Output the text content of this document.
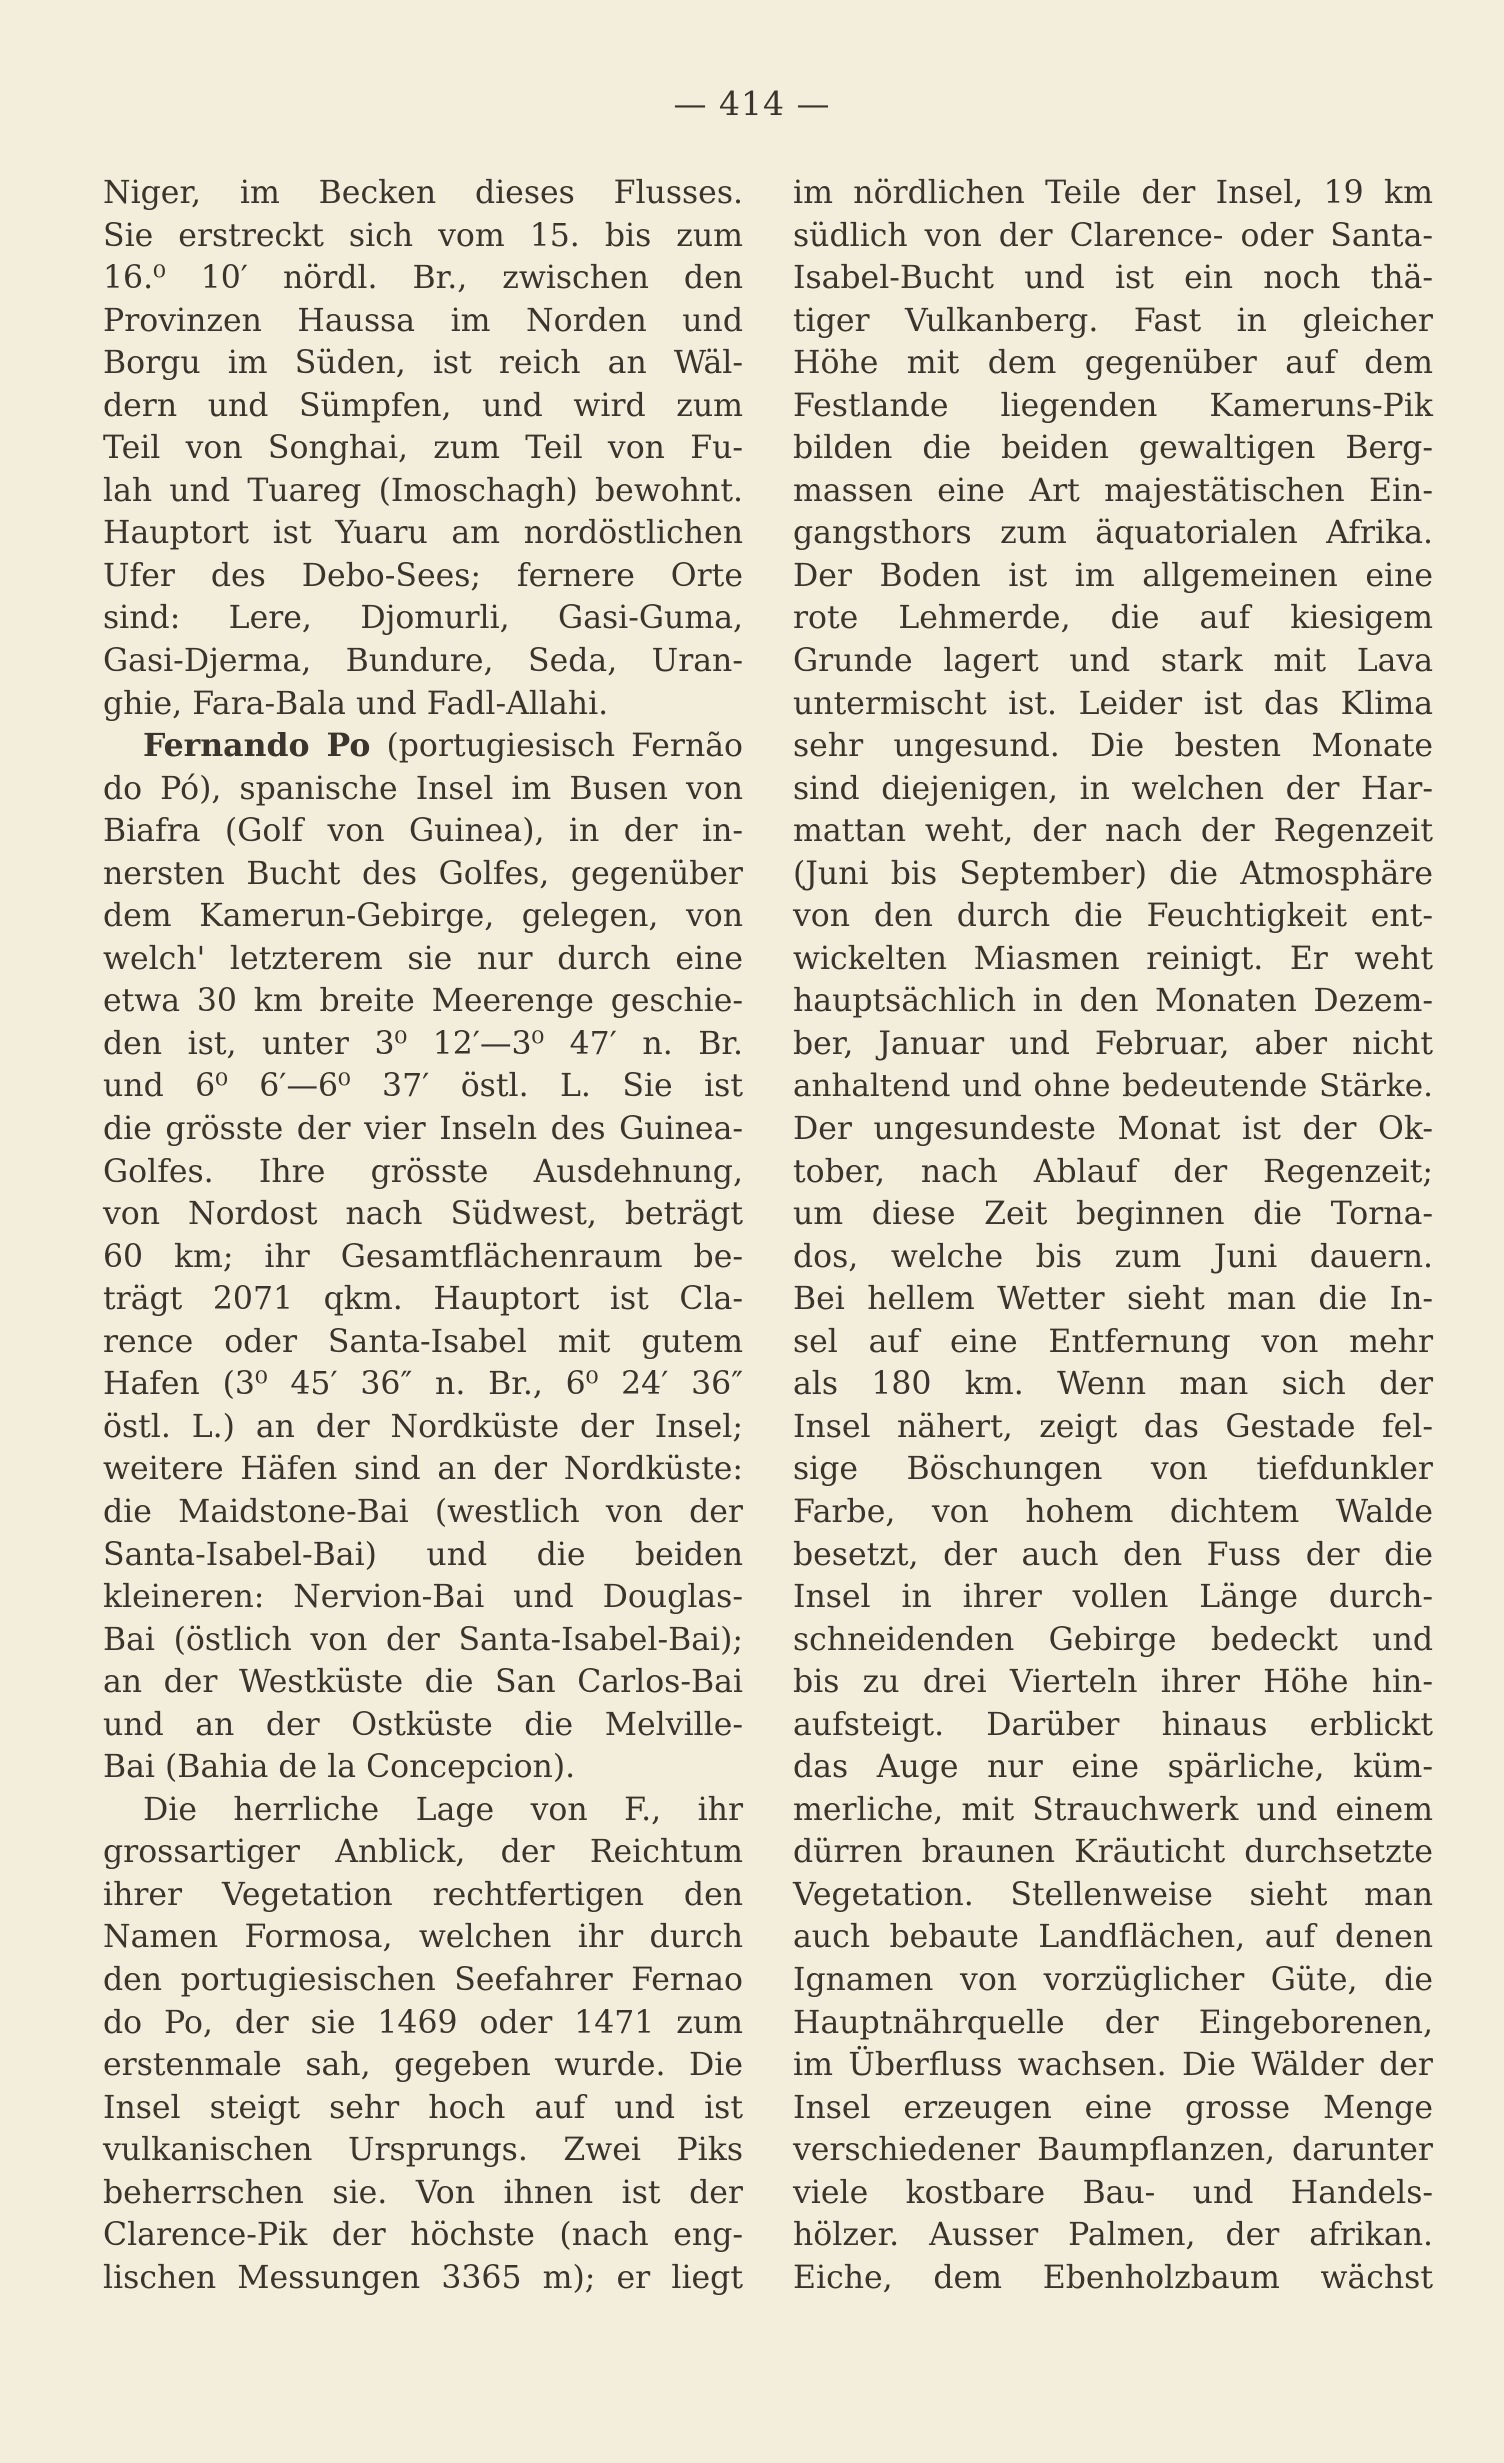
— 414 —
Niger, im Becken dieses Flusses.
Sie erstreckt sich vom 15. bis zum
16.⁰ 10′ nördl. Br., zwischen den
Provinzen Haussa im Norden und
Borgu im Süden, ist reich an Wäl-
dern und Sümpfen, und wird zum
Teil von Songhai, zum Teil von Fu-
lah und Tuareg (Imoschagh) bewohnt.
Hauptort ist Yuaru am nordöstlichen
Ufer des Debo-Sees; fernere Orte
sind: Lere, Djomurli, Gasi-Guma,
Gasi-Djerma, Bundure, Seda, Uran-
ghie, Fara-Bala und Fadl-Allahi.
Fernando Po (portugiesisch Fernão
do Pó), spanische Insel im Busen von
Biafra (Golf von Guinea), in der in-
nersten Bucht des Golfes, gegenüber
dem Kamerun-Gebirge, gelegen, von
welch' letzterem sie nur durch eine
etwa 30 km breite Meerenge geschie-
den ist, unter 3⁰ 12′—3⁰ 47′ n. Br.
und 6⁰ 6′—6⁰ 37′ östl. L. Sie ist
die grösste der vier Inseln des Guinea-
Golfes. Ihre grösste Ausdehnung,
von Nordost nach Südwest, beträgt
60 km; ihr Gesamtflächenraum be-
trägt 2071 qkm. Hauptort ist Cla-
rence oder Santa-Isabel mit gutem
Hafen (3⁰ 45′ 36″ n. Br., 6⁰ 24′ 36″
östl. L.) an der Nordküste der Insel;
weitere Häfen sind an der Nordküste:
die Maidstone-Bai (westlich von der
Santa-Isabel-Bai) und die beiden
kleineren: Nervion-Bai und Douglas-
Bai (östlich von der Santa-Isabel-Bai);
an der Westküste die San Carlos-Bai
und an der Ostküste die Melville-
Bai (Bahia de la Concepcion).
Die herrliche Lage von F., ihr
grossartiger Anblick, der Reichtum
ihrer Vegetation rechtfertigen den
Namen Formosa, welchen ihr durch
den portugiesischen Seefahrer Fernao
do Po, der sie 1469 oder 1471 zum
erstenmale sah, gegeben wurde. Die
Insel steigt sehr hoch auf und ist
vulkanischen Ursprungs. Zwei Piks
beherrschen sie. Von ihnen ist der
Clarence-Pik der höchste (nach eng-
lischen Messungen 3365 m); er liegt
im nördlichen Teile der Insel, 19 km
südlich von der Clarence- oder Santa-
Isabel-Bucht und ist ein noch thä-
tiger Vulkanberg. Fast in gleicher
Höhe mit dem gegenüber auf dem
Festlande liegenden Kameruns-Pik
bilden die beiden gewaltigen Berg-
massen eine Art majestätischen Ein-
gangsthors zum äquatorialen Afrika.
Der Boden ist im allgemeinen eine
rote Lehmerde, die auf kiesigem
Grunde lagert und stark mit Lava
untermischt ist. Leider ist das Klima
sehr ungesund. Die besten Monate
sind diejenigen, in welchen der Har-
mattan weht, der nach der Regenzeit
(Juni bis September) die Atmosphäre
von den durch die Feuchtigkeit ent-
wickelten Miasmen reinigt. Er weht
hauptsächlich in den Monaten Dezem-
ber, Januar und Februar, aber nicht
anhaltend und ohne bedeutende Stärke.
Der ungesundeste Monat ist der Ok-
tober, nach Ablauf der Regenzeit;
um diese Zeit beginnen die Torna-
dos, welche bis zum Juni dauern.
Bei hellem Wetter sieht man die In-
sel auf eine Entfernung von mehr
als 180 km. Wenn man sich der
Insel nähert, zeigt das Gestade fel-
sige Böschungen von tiefdunkler
Farbe, von hohem dichtem Walde
besetzt, der auch den Fuss der die
Insel in ihrer vollen Länge durch-
schneidenden Gebirge bedeckt und
bis zu drei Vierteln ihrer Höhe hin-
aufsteigt. Darüber hinaus erblickt
das Auge nur eine spärliche, küm-
merliche, mit Strauchwerk und einem
dürren braunen Kräuticht durchsetzte
Vegetation. Stellenweise sieht man
auch bebaute Landflächen, auf denen
Ignamen von vorzüglicher Güte, die
Hauptnährquelle der Eingeborenen,
im Überfluss wachsen. Die Wälder der
Insel erzeugen eine grosse Menge
verschiedener Baumpflanzen, darunter
viele kostbare Bau- und Handels-
hölzer. Ausser Palmen, der afrikan.
Eiche, dem Ebenholzbaum wächst
